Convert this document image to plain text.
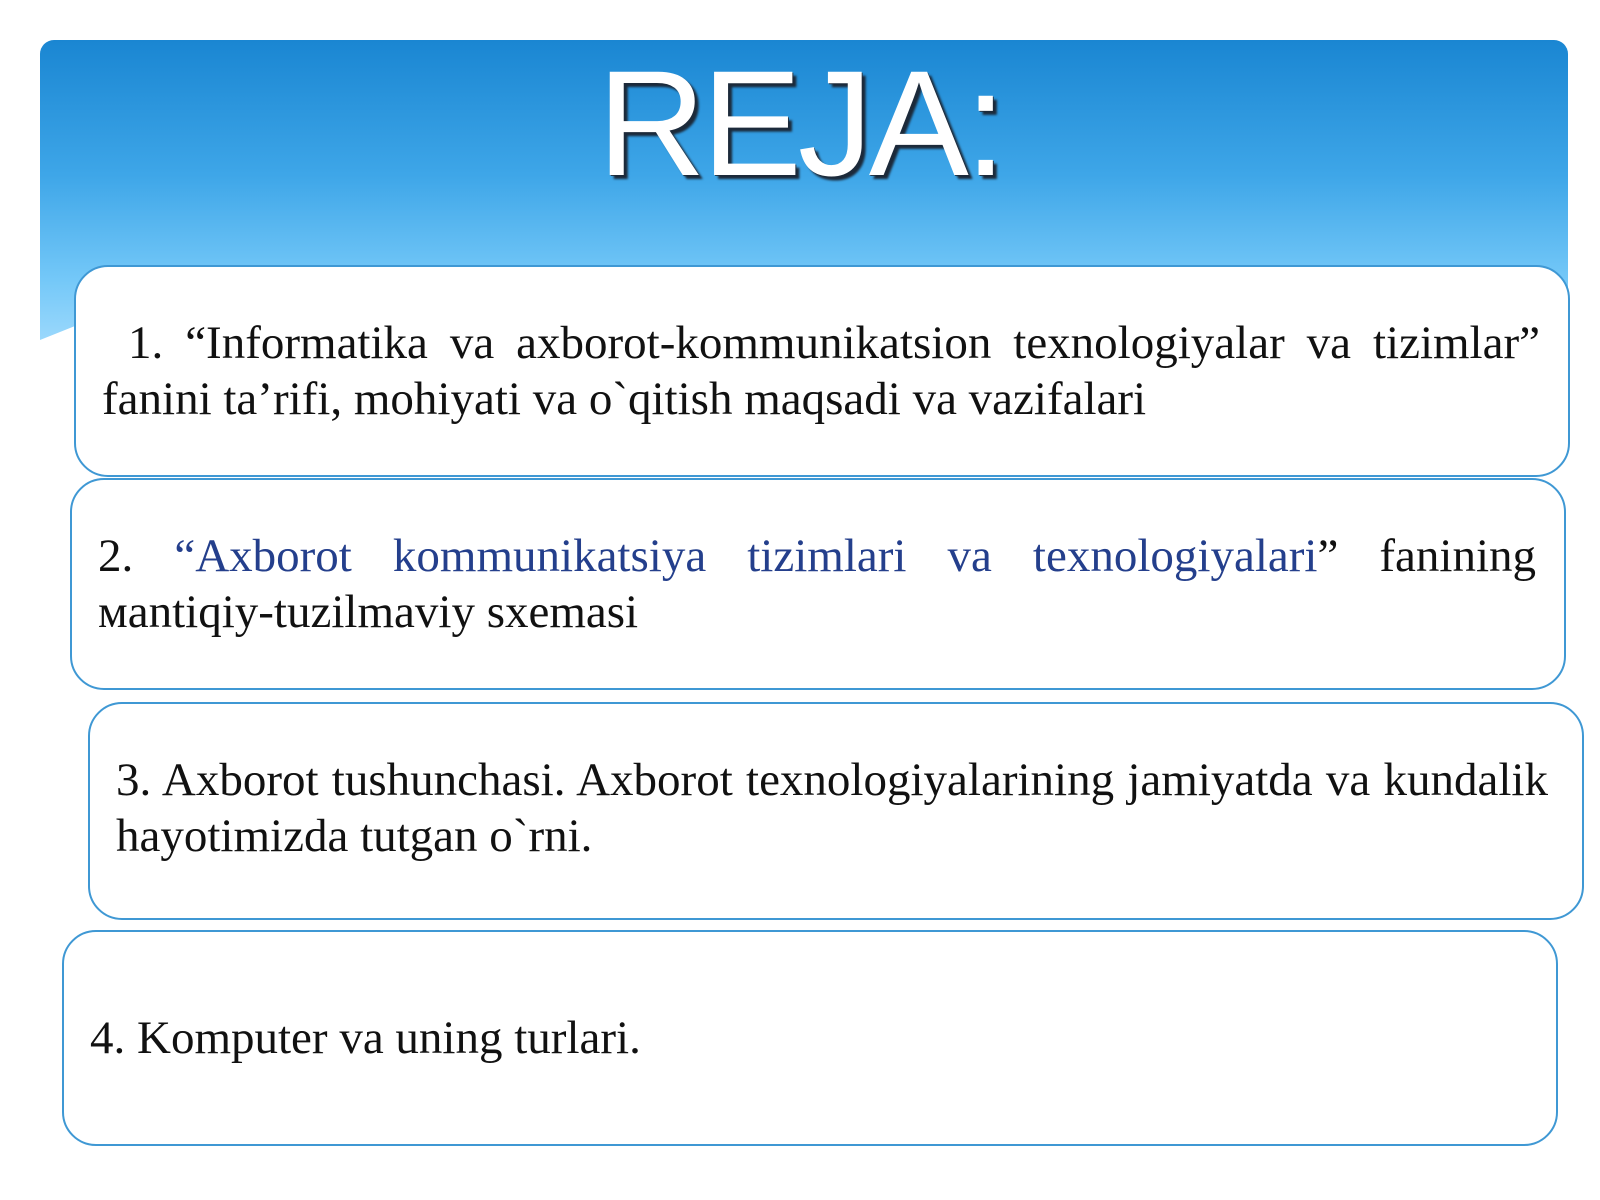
REJA:

1. “Informatika va axborot-kommunikatsion texnologiyalar va tizimlar” fanini ta’rifi, mohiyati va o`qitish maqsadi va vazifalari

2. “Axborot kommunikatsiya tizimlari va texnologiyalari” fanining мantiqiy-tuzilmaviy sxemasi

3. Axborot tushunchasi. Axborot texnologiyalarining jamiyatda va kundalik hayotimizda tutgan o`rni.

4. Komputer va uning turlari.
